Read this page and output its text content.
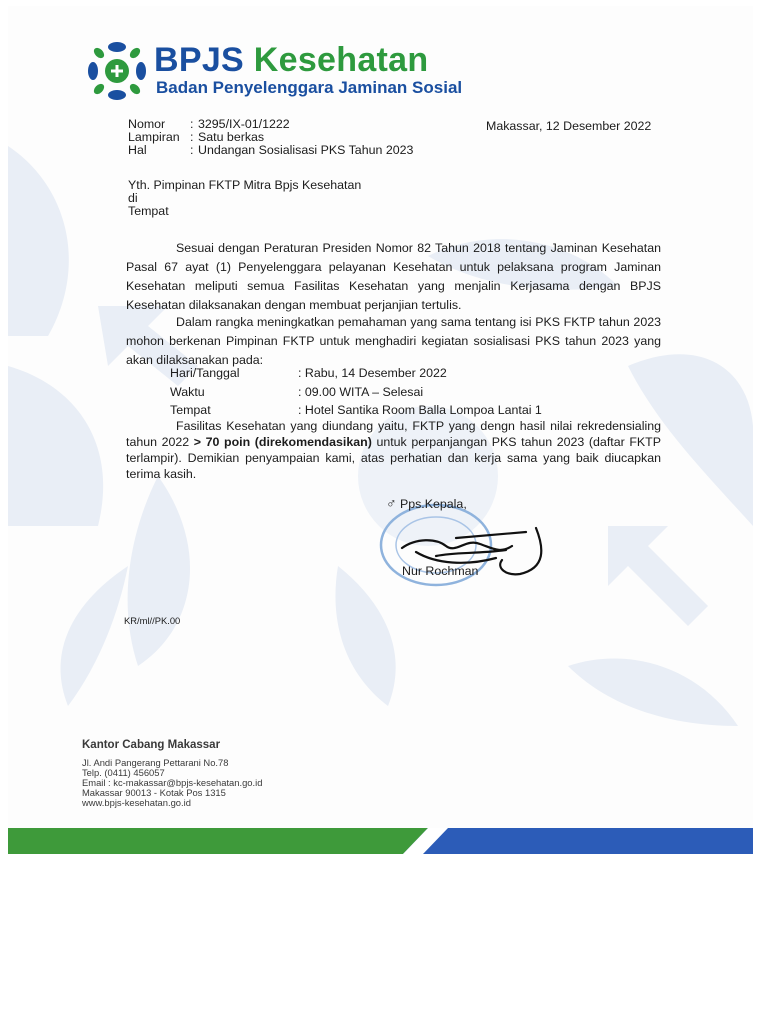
BPJS Kesehatan
Badan Penyelenggara Jaminan Sosial
Nomor	: 3295/IX-01/1222
Lampiran : Satu berkas
Hal	: Undangan Sosialisasi PKS Tahun 2023
Makassar, 12 Desember 2022
Yth. Pimpinan FKTP Mitra Bpjs Kesehatan
di
Tempat

Sesuai dengan Peraturan Presiden Nomor 82 Tahun 2018 tentang Jaminan Kesehatan Pasal 67 ayat (1) Penyelenggara pelayanan Kesehatan untuk pelaksana program Jaminan Kesehatan meliputi semua Fasilitas Kesehatan yang menjalin Kerjasama dengan BPJS Kesehatan dilaksanakan dengan membuat perjanjian tertulis.

Dalam rangka meningkatkan pemahaman yang sama tentang isi PKS FKTP tahun 2023 mohon berkenan Pimpinan FKTP untuk menghadiri kegiatan sosialisasi PKS tahun 2023 yang akan dilaksanakan pada:

Hari/Tanggal	: Rabu, 14 Desember 2022
Waktu	: 09.00 WITA – Selesai
Tempat	: Hotel Santika Room Balla Lompoa Lantai 1

Fasilitas Kesehatan yang diundang yaitu, FKTP yang dengn hasil nilai rekredensialing tahun 2022 > 70 poin (direkomendasikan) untuk perpanjangan PKS tahun 2023 (daftar FKTP terlampir). Demikian penyampaian kami, atas perhatian dan kerja sama yang baik diucapkan terima kasih.

♂ Pps.Kepala,
Nur Rochman
KR/ml//PK.00
Kantor Cabang Makassar
Jl. Andi Pangerang Pettarani No.78
Telp. (0411) 456057
Email : kc-makassar@bpjs-kesehatan.go.id
Makassar 90013 - Kotak Pos 1315
www.bpjs-kesehatan.go.id
